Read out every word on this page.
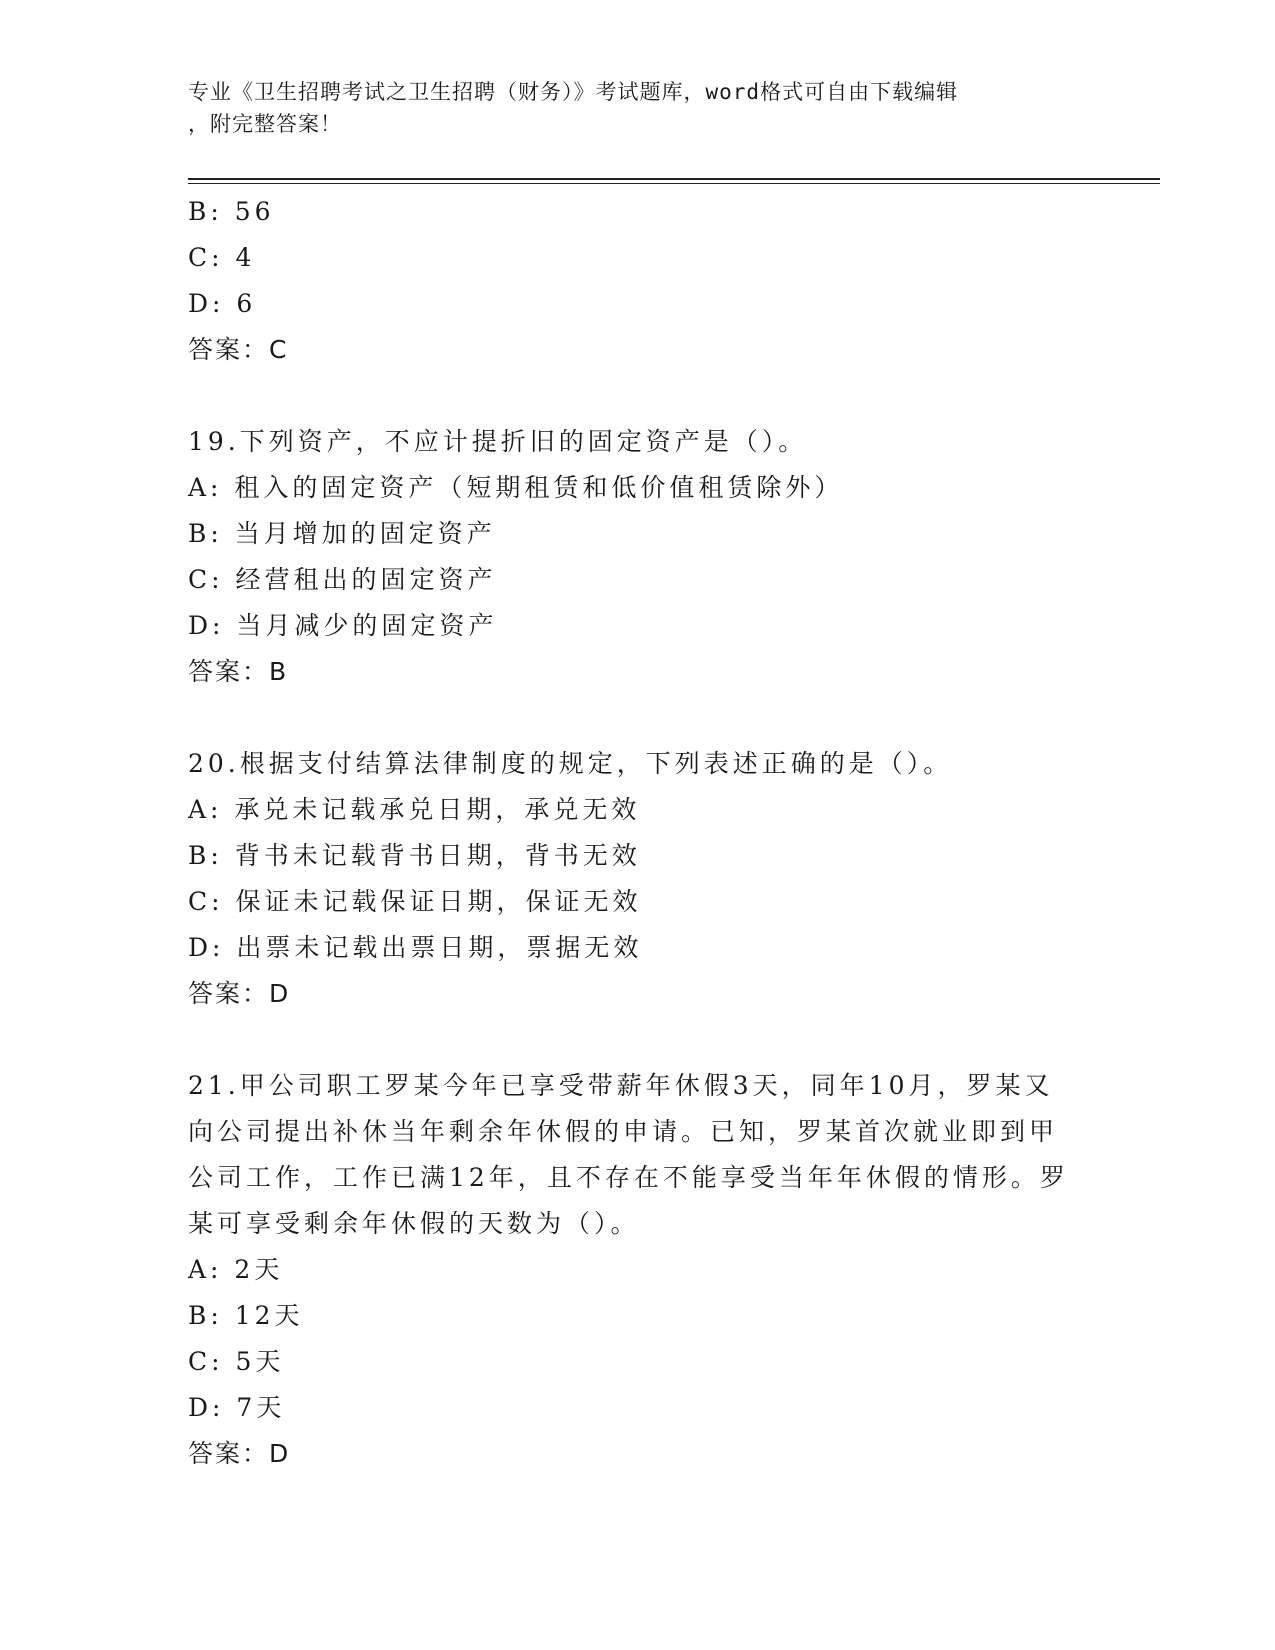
专业《卫生招聘考试之卫生招聘（财务）》考试题库，word格式可自由下载编辑
，附完整答案！
B: 56
C: 4
D: 6
答案：C
19.下列资产，不应计提折旧的固定资产是（）。
A: 租入的固定资产（短期租赁和低价值租赁除外）
B: 当月增加的固定资产
C: 经营租出的固定资产
D: 当月减少的固定资产
答案：B
20.根据支付结算法律制度的规定，下列表述正确的是（）。
A: 承兑未记载承兑日期，承兑无效
B: 背书未记载背书日期，背书无效
C: 保证未记载保证日期，保证无效
D: 出票未记载出票日期，票据无效
答案：D
21.甲公司职工罗某今年已享受带薪年休假3天，同年10月，罗某又
向公司提出补休当年剩余年休假的申请。已知，罗某首次就业即到甲
公司工作，工作已满12年，且不存在不能享受当年年休假的情形。罗
某可享受剩余年休假的天数为（）。
A: 2天
B: 12天
C: 5天
D: 7天
答案：D
